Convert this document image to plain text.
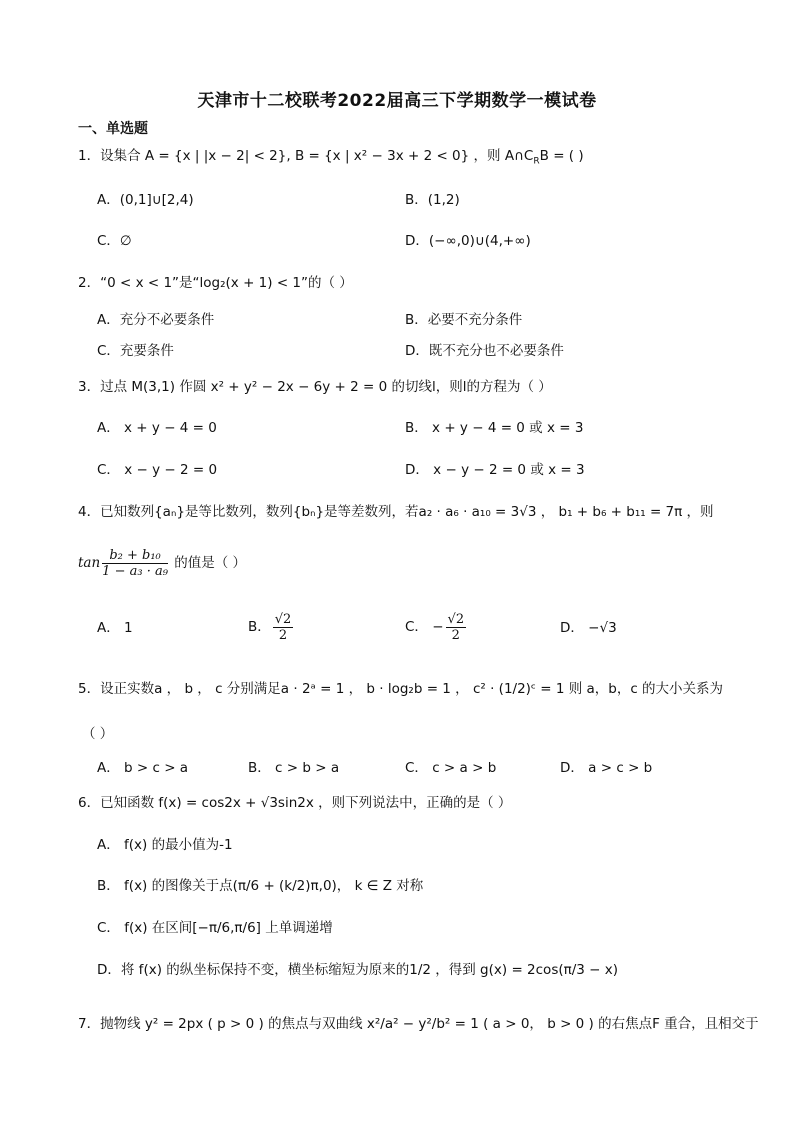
天津市十二校联考2022届高三下学期数学一模试卷
一、单选题
1．设集合 A = {x | |x − 2| < 2}, B = {x | x² − 3x + 2 < 0} ，则 $A\cap C_RB$ = ( )
A．(0,1]∪[2,4)	B．(1,2)
C．∅	D．(−∞,0)∪(4,+∞)
2．“0 < x < 1”是“log₂(x + 1) < 1”的（ ）
A．充分不必要条件	B．必要不充分条件
C．充要条件	D．既不充分也不必要条件
3．过点 M(3,1) 作圆 x² + y² − 2x − 6y + 2 = 0 的切线l，则l的方程为（ ）
A． x + y − 4 = 0	B． x + y − 4 = 0 或 x = 3
C． x − y − 2 = 0	D． x − y − 2 = 0 或 x = 3
4．已知数列{aₙ}是等比数列，数列{bₙ}是等差数列，若a₂ · a₆ · a₁₀ = 3√3 ， b₁ + b₆ + b₁₁ = 7π ，则
$\tan \frac{\text{b₂ + b₁₀}}{\text{1 − a₃ · a₉}}$ 的值是（ ）
A． 1	B． $\frac{√2}{2}$	C． − $\frac{√2}{2}$	D． −√3
5．设正实数a ， b ， c 分别满足a · 2ᵃ = 1 ， b · log₂b = 1 ， c² · (1/2)ᶜ = 1 则 a，b，c 的大小关系为
（ ）
A． b > c > a	B． c > b > a	C． c > a > b	D． a > c > b
6．已知函数 f(x) = cos2x + √3sin2x ，则下列说法中，正确的是（ ）
A． f(x) 的最小值为-1
B． f(x) 的图像关于点(π/6 + (k/2)π,0)， k ∈ Z 对称
C． f(x) 在区间[−π/6,π/6] 上单调递增
D．将 f(x) 的纵坐标保持不变，横坐标缩短为原来的1/2 ，得到 g(x) = 2cos(π/3 − x)
7．抛物线 y² = 2px ( p > 0 ) 的焦点与双曲线 x²/a² − y²/b² = 1 ( a > 0， b > 0 ) 的右焦点F 重合，且相交于
